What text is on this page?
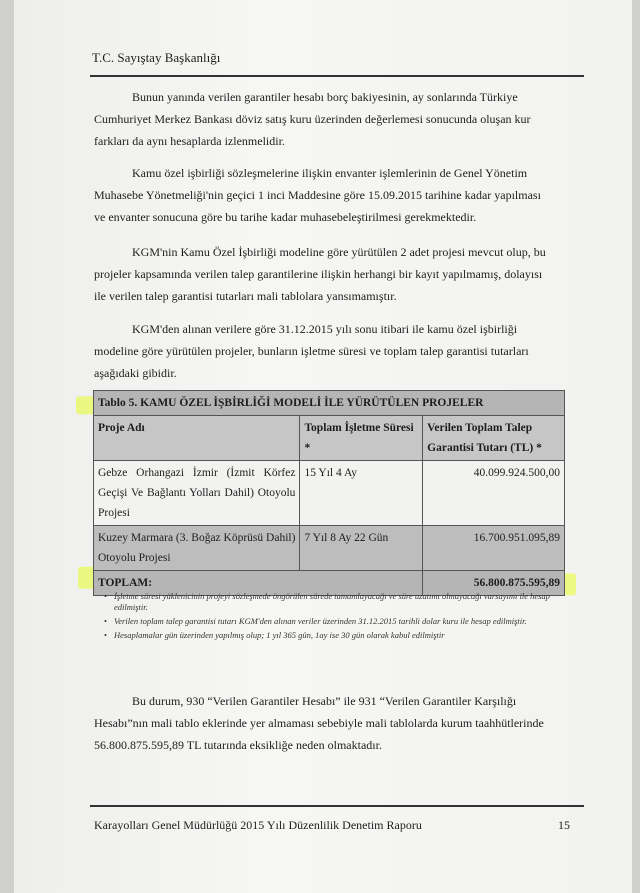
T.C. Sayıştay Başkanlığı
Bunun yanında verilen garantiler hesabı borç bakiyesinin, ay sonlarında Türkiye
Cumhuriyet Merkez Bankası döviz satış kuru üzerinden değerlemesi sonucunda oluşan kur
farkları da aynı hesaplarda izlenmelidir.
Kamu özel işbirliği sözleşmelerine ilişkin envanter işlemlerinin de Genel Yönetim
Muhasebe Yönetmeliği'nin geçici 1 inci Maddesine göre 15.09.2015 tarihine kadar yapılması
ve envanter sonucuna göre bu tarihe kadar muhasebeleştirilmesi gerekmektedir.
KGM'nin Kamu Özel İşbirliği modeline göre yürütülen 2 adet projesi mevcut olup, bu
projeler kapsamında verilen talep garantilerine ilişkin herhangi bir kayıt yapılmamış, dolayısı
ile verilen talep garantisi tutarları mali tablolara yansımamıştır.
KGM'den alınan verilere göre 31.12.2015 yılı sonu itibari ile kamu özel işbirliği
modeline göre yürütülen projeler, bunların işletme süresi ve toplam talep garantisi tutarları
aşağıdaki gibidir.
Tablo 5. KAMU ÖZEL İŞBİRLİĞİ MODELİ İLE YÜRÜTÜLEN PROJELER		
Proje Adı	Toplam İşletme Süresi *	Verilen Toplam Talep Garantisi Tutarı (TL) *
Gebze Orhangazi İzmir (İzmit Körfez Geçişi Ve Bağlantı Yolları Dahil) Otoyolu Projesi	15 Yıl 4 Ay	40.099.924.500,00
Kuzey Marmara (3. Boğaz Köprüsü Dahil) Otoyolu Projesi	7 Yıl 8 Ay 22 Gün	16.700.951.095,89
TOPLAM:		56.800.875.595,89
• İşletme süresi yüklenicinin projeyi sözleşmede öngörülen sürede tamamlayacağı ve süre uzatımı olmayacağı varsayımı ile hesap edilmiştir.
• Verilen toplam talep garantisi tutarı KGM'den alınan veriler üzerinden 31.12.2015 tarihli dolar kuru ile hesap edilmiştir.
• Hesaplamalar gün üzerinden yapılmış olup; 1 yıl 365 gün, 1ay ise 30 gün olarak kabul edilmiştir
Bu durum, 930 “Verilen Garantiler Hesabı” ile 931 “Verilen Garantiler Karşılığı
Hesabı”nın mali tablo eklerinde yer almaması sebebiyle mali tablolarda kurum taahhütlerinde
56.800.875.595,89 TL tutarında eksikliğe neden olmaktadır.
Karayolları Genel Müdürlüğü 2015 Yılı Düzenlilik Denetim Raporu	15
